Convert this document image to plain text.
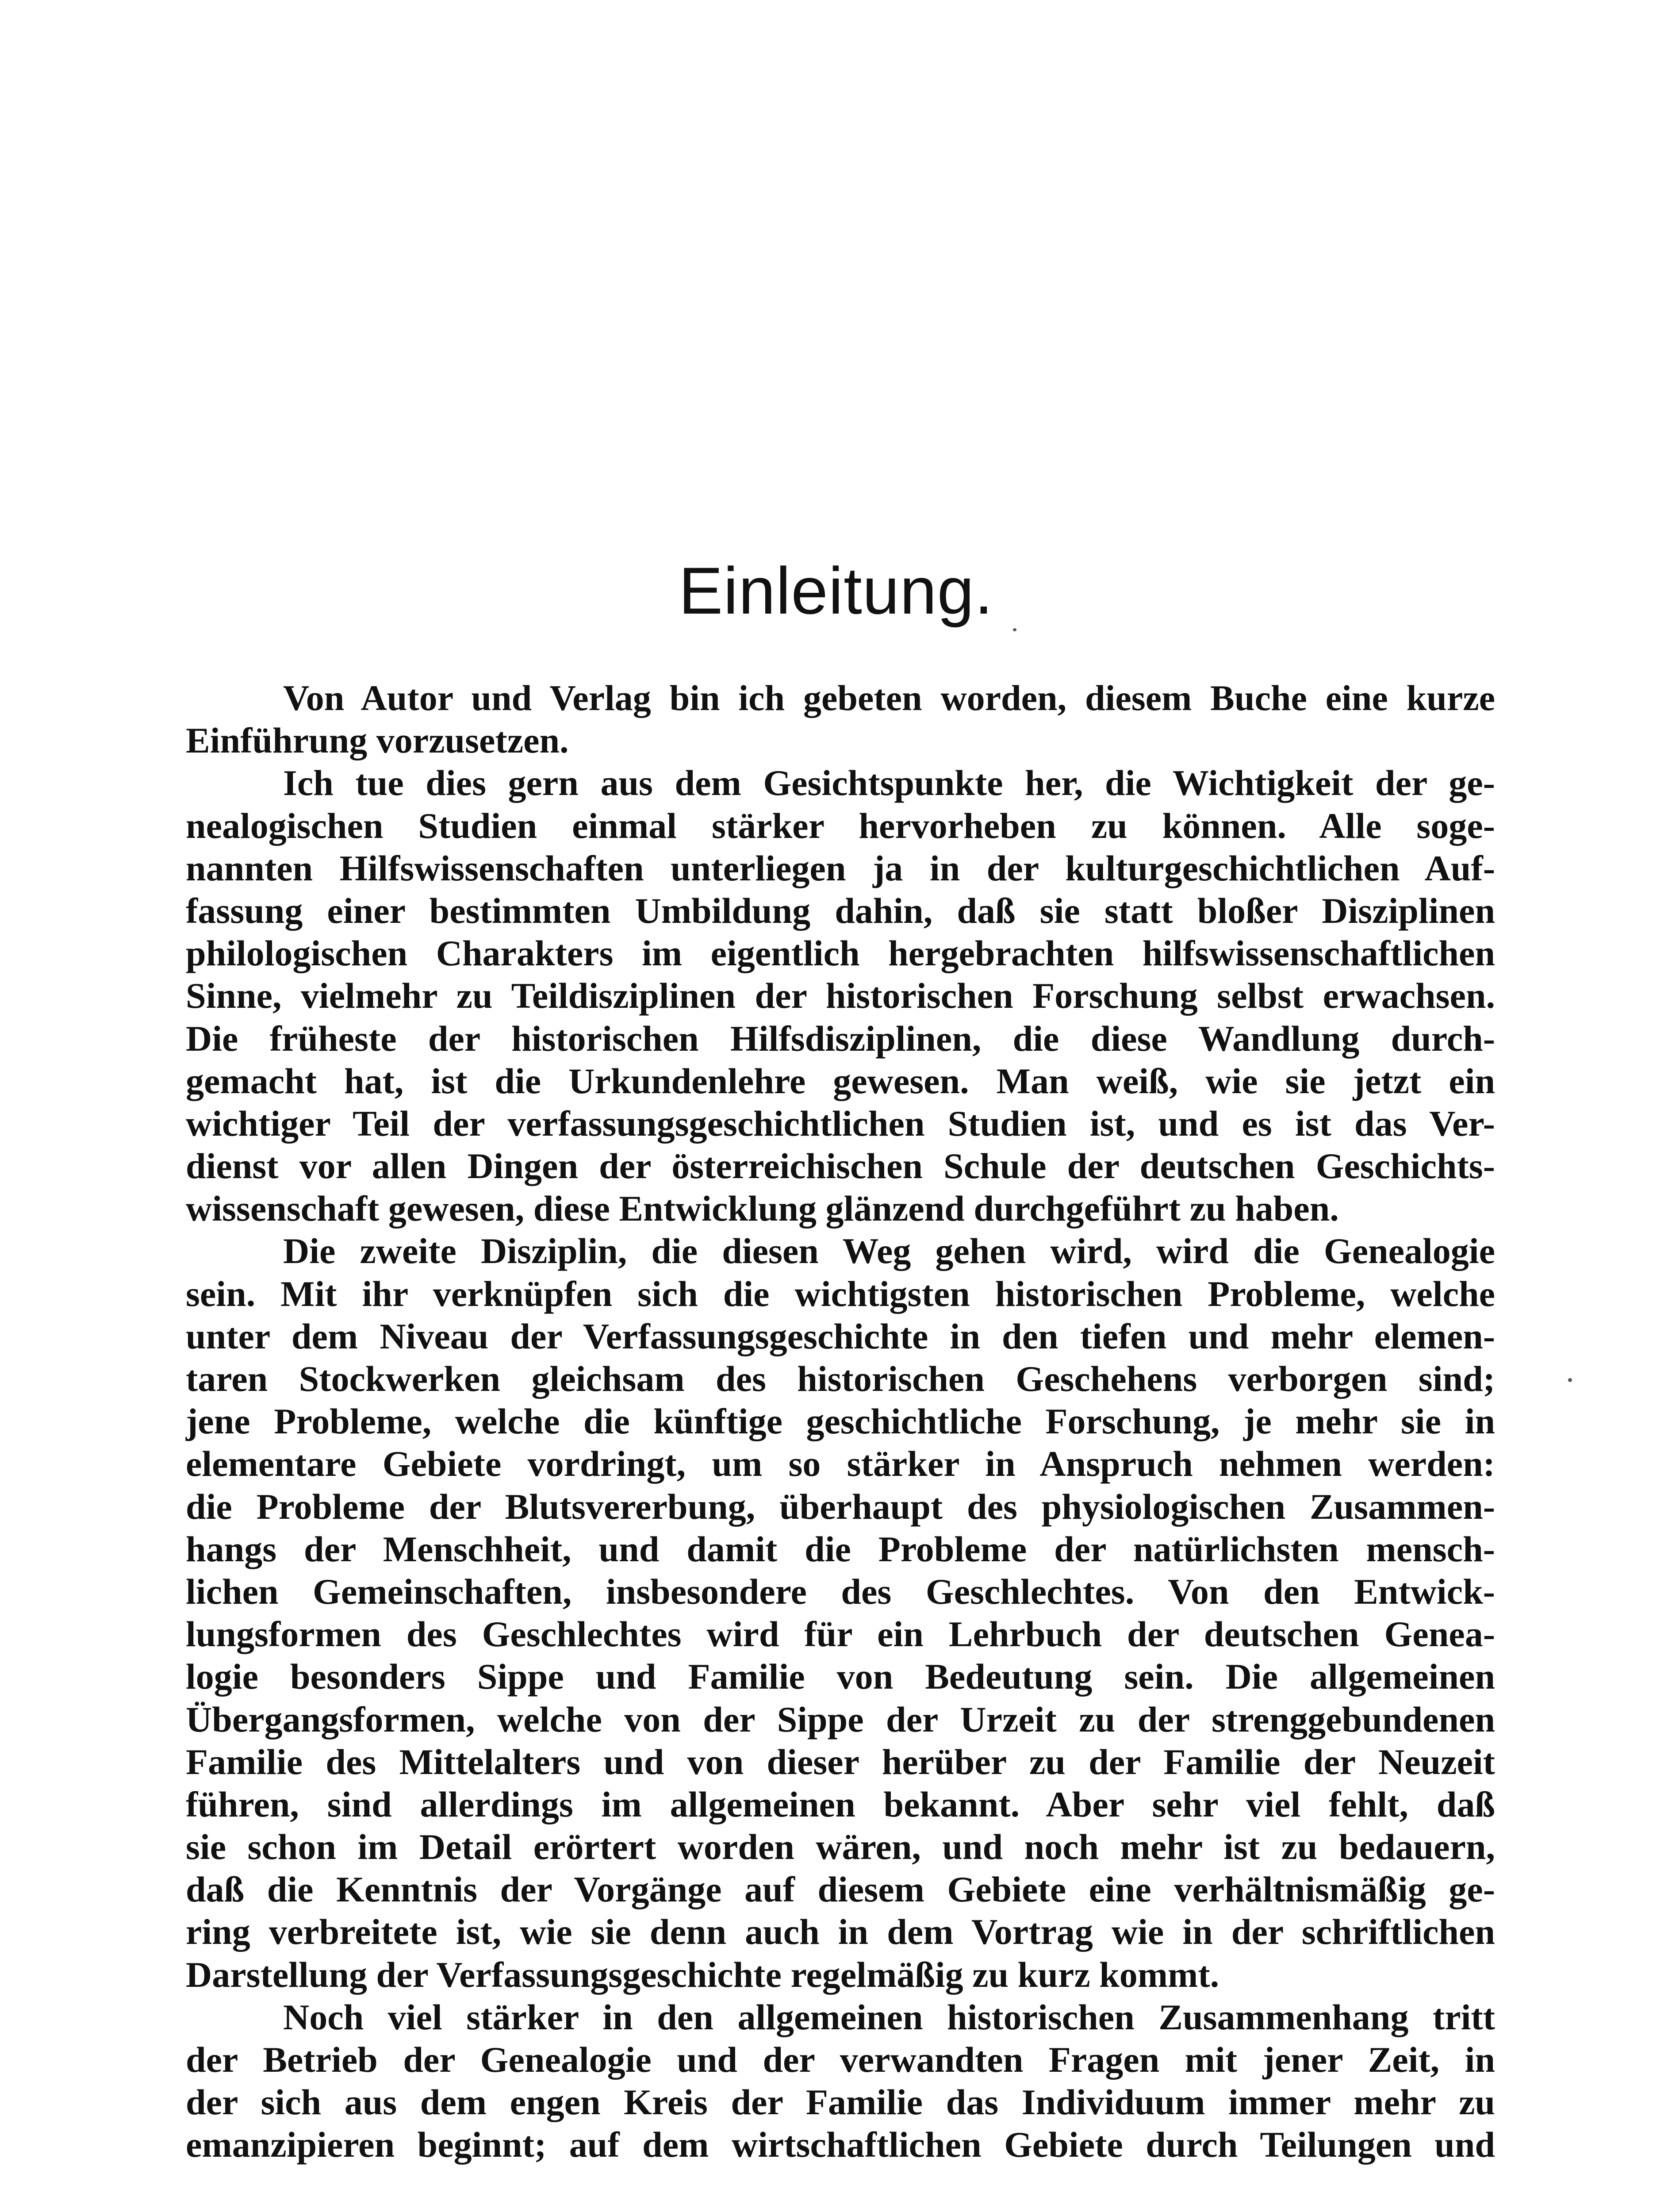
Einleitung.
Von Autor und Verlag bin ich gebeten worden, diesem Buche eine kurze
Einführung vorzusetzen.
Ich tue dies gern aus dem Gesichtspunkte her, die Wichtigkeit der ge-
nealogischen Studien einmal stärker hervorheben zu können. Alle soge-
nannten Hilfswissenschaften unterliegen ja in der kulturgeschichtlichen Auf-
fassung einer bestimmten Umbildung dahin, daß sie statt bloßer Disziplinen
philologischen Charakters im eigentlich hergebrachten hilfswissenschaftlichen
Sinne, vielmehr zu Teildisziplinen der historischen Forschung selbst erwachsen.
Die früheste der historischen Hilfsdisziplinen, die diese Wandlung durch-
gemacht hat, ist die Urkundenlehre gewesen. Man weiß, wie sie jetzt ein
wichtiger Teil der verfassungsgeschichtlichen Studien ist, und es ist das Ver-
dienst vor allen Dingen der österreichischen Schule der deutschen Geschichts-
wissenschaft gewesen, diese Entwicklung glänzend durchgeführt zu haben.
Die zweite Disziplin, die diesen Weg gehen wird, wird die Genealogie
sein. Mit ihr verknüpfen sich die wichtigsten historischen Probleme, welche
unter dem Niveau der Verfassungsgeschichte in den tiefen und mehr elemen-
taren Stockwerken gleichsam des historischen Geschehens verborgen sind;
jene Probleme, welche die künftige geschichtliche Forschung, je mehr sie in
elementare Gebiete vordringt, um so stärker in Anspruch nehmen werden:
die Probleme der Blutsvererbung, überhaupt des physiologischen Zusammen-
hangs der Menschheit, und damit die Probleme der natürlichsten mensch-
lichen Gemeinschaften, insbesondere des Geschlechtes. Von den Entwick-
lungsformen des Geschlechtes wird für ein Lehrbuch der deutschen Genea-
logie besonders Sippe und Familie von Bedeutung sein. Die allgemeinen
Übergangsformen, welche von der Sippe der Urzeit zu der strenggebundenen
Familie des Mittelalters und von dieser herüber zu der Familie der Neuzeit
führen, sind allerdings im allgemeinen bekannt. Aber sehr viel fehlt, daß
sie schon im Detail erörtert worden wären, und noch mehr ist zu bedauern,
daß die Kenntnis der Vorgänge auf diesem Gebiete eine verhältnismäßig ge-
ring verbreitete ist, wie sie denn auch in dem Vortrag wie in der schriftlichen
Darstellung der Verfassungsgeschichte regelmäßig zu kurz kommt.
Noch viel stärker in den allgemeinen historischen Zusammenhang tritt
der Betrieb der Genealogie und der verwandten Fragen mit jener Zeit, in
der sich aus dem engen Kreis der Familie das Individuum immer mehr zu
emanzipieren beginnt; auf dem wirtschaftlichen Gebiete durch Teilungen und
